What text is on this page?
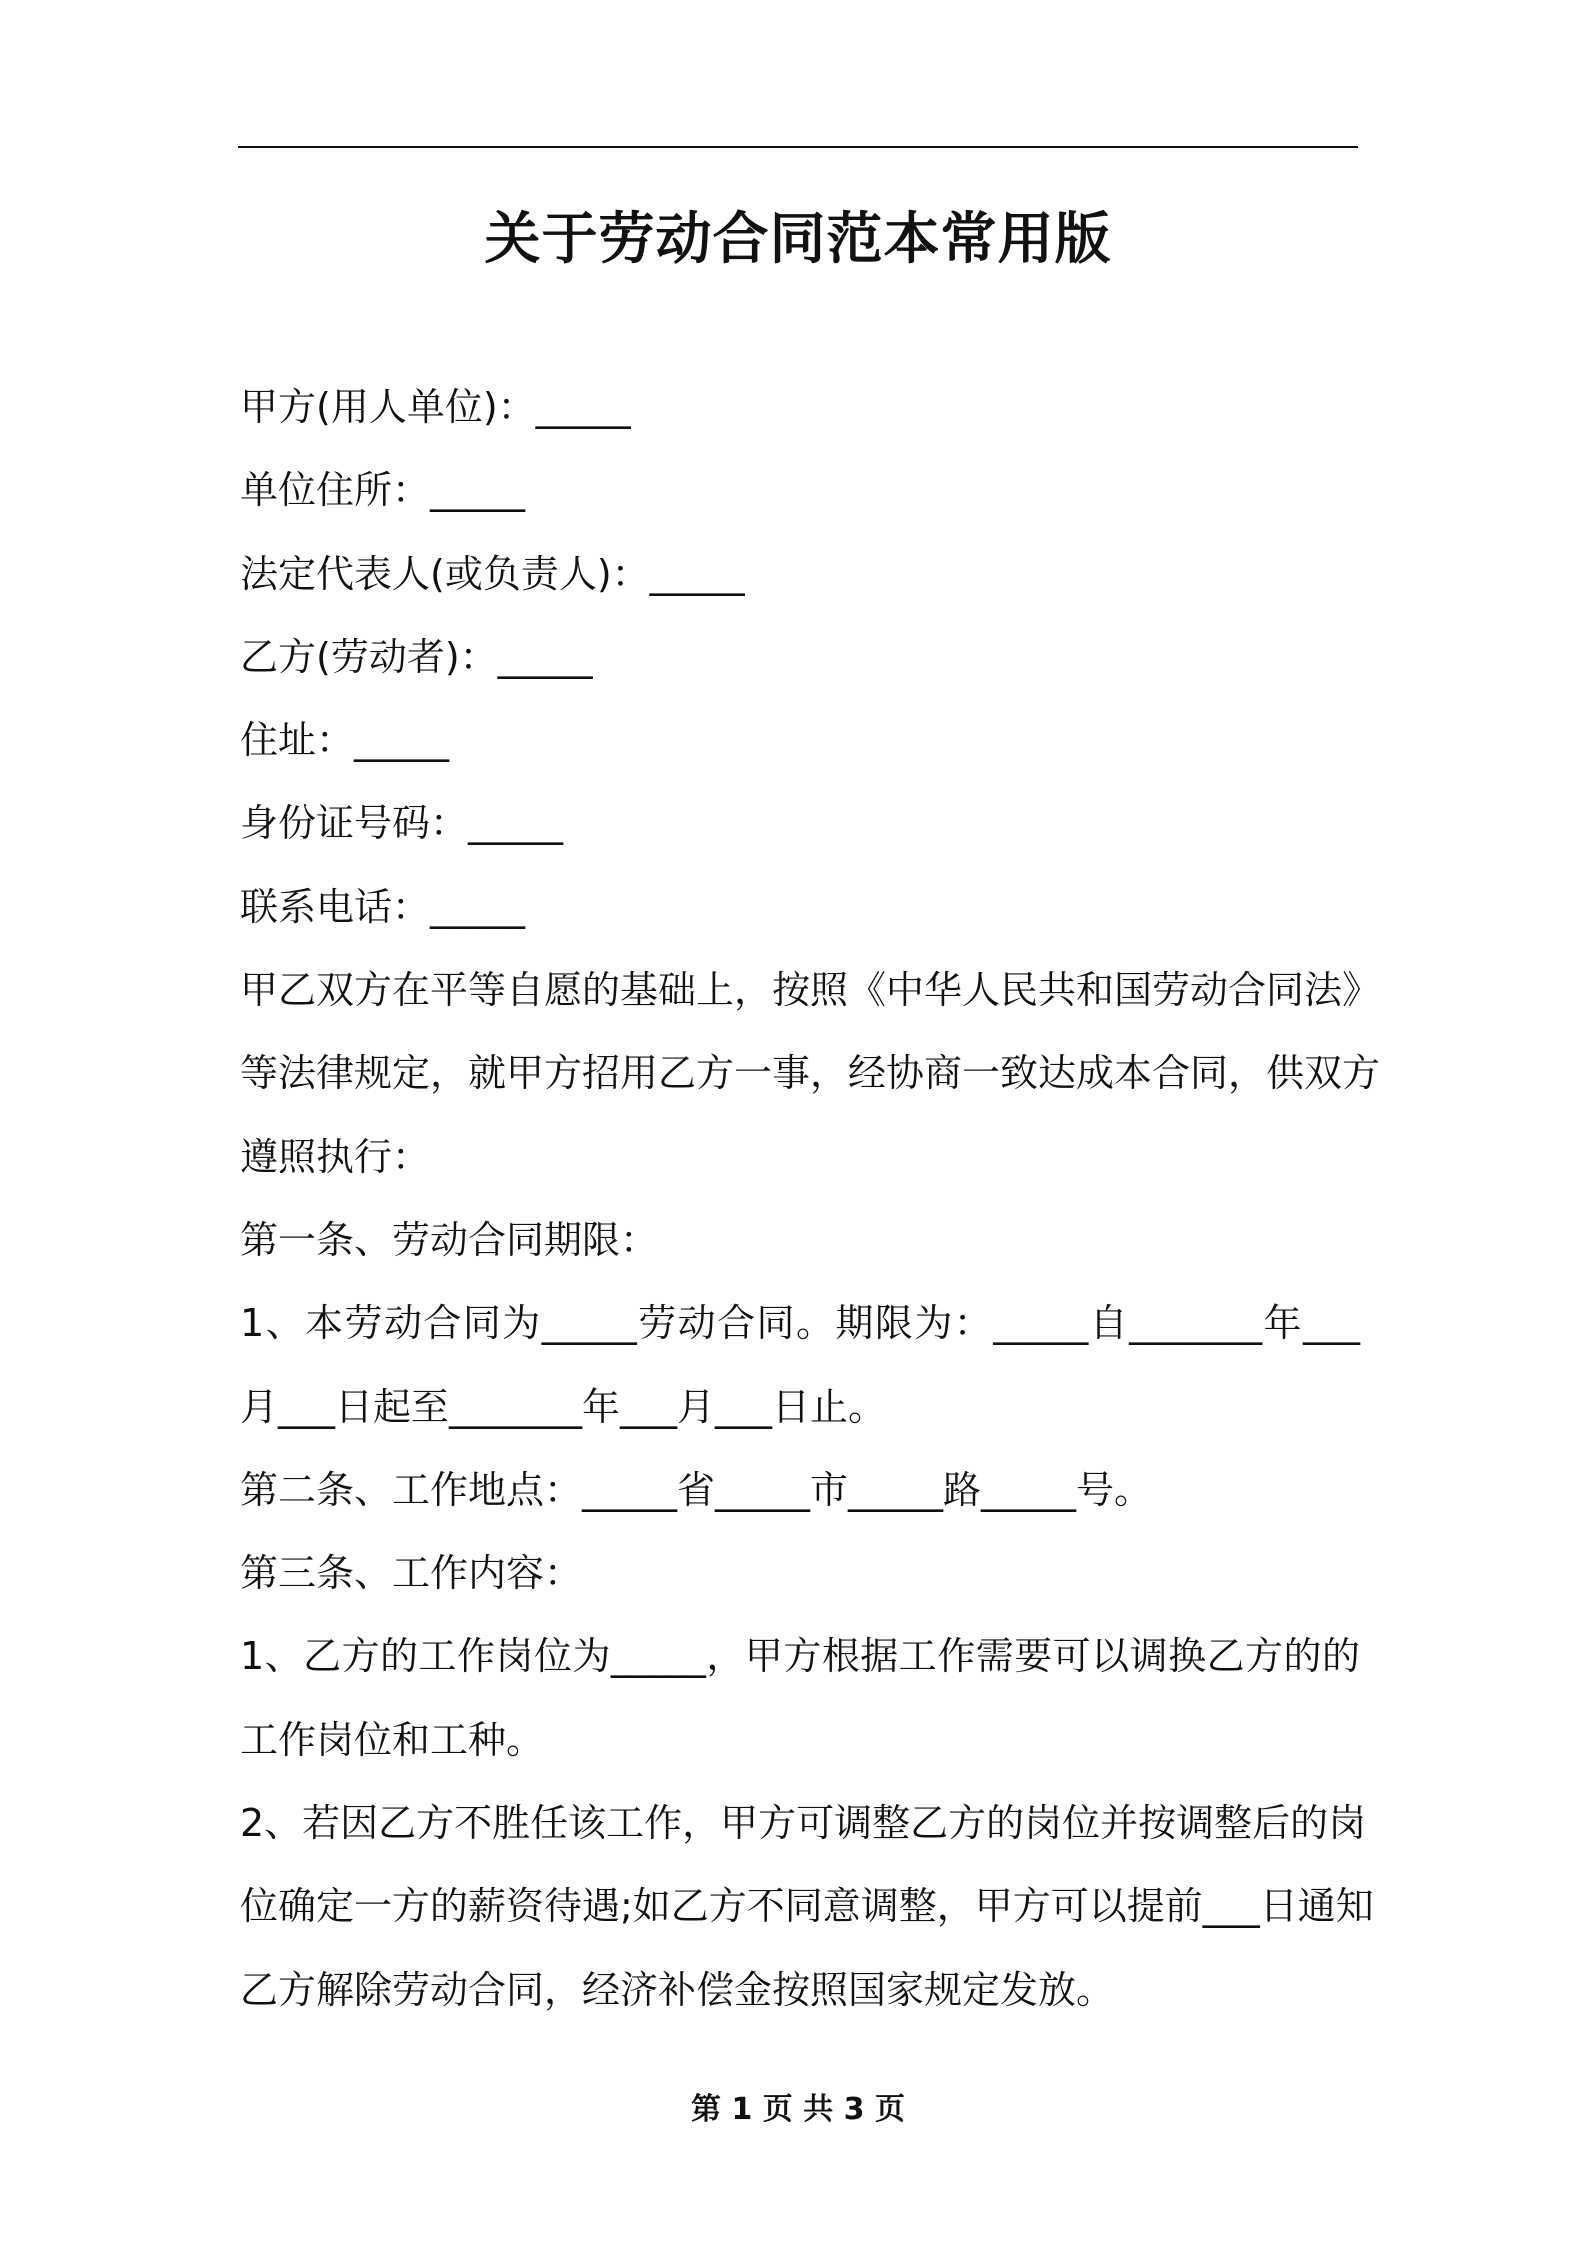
关于劳动合同范本常用版
甲方(用人单位)：_____
单位住所：_____
法定代表人(或负责人)：_____
乙方(劳动者)：_____
住址：_____
身份证号码：_____
联系电话：_____
甲乙双方在平等自愿的基础上，按照《中华人民共和国劳动合同法》
等法律规定，就甲方招用乙方一事，经协商一致达成本合同，供双方
遵照执行：
第一条、劳动合同期限：
1、本劳动合同为_____劳动合同。期限为：_____自_______年___
月___日起至_______年___月___日止。
第二条、工作地点：_____省_____市_____路_____号。
第三条、工作内容：
1、乙方的工作岗位为_____，甲方根据工作需要可以调换乙方的的
工作岗位和工种。
2、若因乙方不胜任该工作，甲方可调整乙方的岗位并按调整后的岗
位确定一方的薪资待遇;如乙方不同意调整，甲方可以提前___日通知
乙方解除劳动合同，经济补偿金按照国家规定发放。
第 1 页 共 3 页
